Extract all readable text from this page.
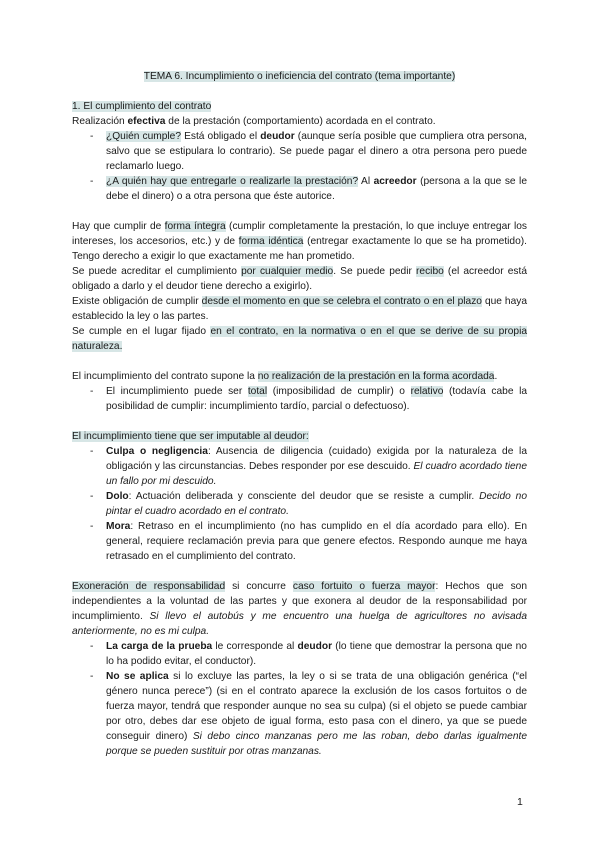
TEMA 6. Incumplimiento o ineficiencia del contrato (tema importante)

1. El cumplimiento del contrato

Realización efectiva de la prestación (comportamiento) acordada en el contrato.

- ¿Quién cumple? Está obligado el deudor (aunque sería posible que cumpliera otra persona, salvo que se estipulara lo contrario). Se puede pagar el dinero a otra persona pero puede reclamarlo luego.
- ¿A quién hay que entregarle o realizarle la prestación? Al acreedor (persona a la que se le debe el dinero) o a otra persona que éste autorice.

Hay que cumplir de forma íntegra (cumplir completamente la prestación, lo que incluye entregar los intereses, los accesorios, etc.) y de forma idéntica (entregar exactamente lo que se ha prometido). Tengo derecho a exigir lo que exactamente me han prometido.

Se puede acreditar el cumplimiento por cualquier medio. Se puede pedir recibo (el acreedor está obligado a darlo y el deudor tiene derecho a exigirlo).

Existe obligación de cumplir desde el momento en que se celebra el contrato o en el plazo que haya establecido la ley o las partes.

Se cumple en el lugar fijado en el contrato, en la normativa o en el que se derive de su propia naturaleza.

El incumplimiento del contrato supone la no realización de la prestación en la forma acordada.

- El incumplimiento puede ser total (imposibilidad de cumplir) o relativo (todavía cabe la posibilidad de cumplir: incumplimiento tardío, parcial o defectuoso).

El incumplimiento tiene que ser imputable al deudor:

- Culpa o negligencia: Ausencia de diligencia (cuidado) exigida por la naturaleza de la obligación y las circunstancias. Debes responder por ese descuido. El cuadro acordado tiene un fallo por mi descuido.
- Dolo: Actuación deliberada y consciente del deudor que se resiste a cumplir. Decido no pintar el cuadro acordado en el contrato.
- Mora: Retraso en el incumplimiento (no has cumplido en el día acordado para ello). En general, requiere reclamación previa para que genere efectos. Respondo aunque me haya retrasado en el cumplimiento del contrato.

Exoneración de responsabilidad si concurre caso fortuito o fuerza mayor: Hechos que son independientes a la voluntad de las partes y que exonera al deudor de la responsabilidad por incumplimiento. Si llevo el autobús y me encuentro una huelga de agricultores no avisada anteriormente, no es mi culpa.

- La carga de la prueba le corresponde al deudor (lo tiene que demostrar la persona que no lo ha podido evitar, el conductor).
- No se aplica si lo excluye las partes, la ley o si se trata de una obligación genérica (“el género nunca perece”) (si en el contrato aparece la exclusión de los casos fortuitos o de fuerza mayor, tendrá que responder aunque no sea su culpa) (si el objeto se puede cambiar por otro, debes dar ese objeto de igual forma, esto pasa con el dinero, ya que se puede conseguir dinero) Si debo cinco manzanas pero me las roban, debo darlas igualmente porque se pueden sustituir por otras manzanas.
1
